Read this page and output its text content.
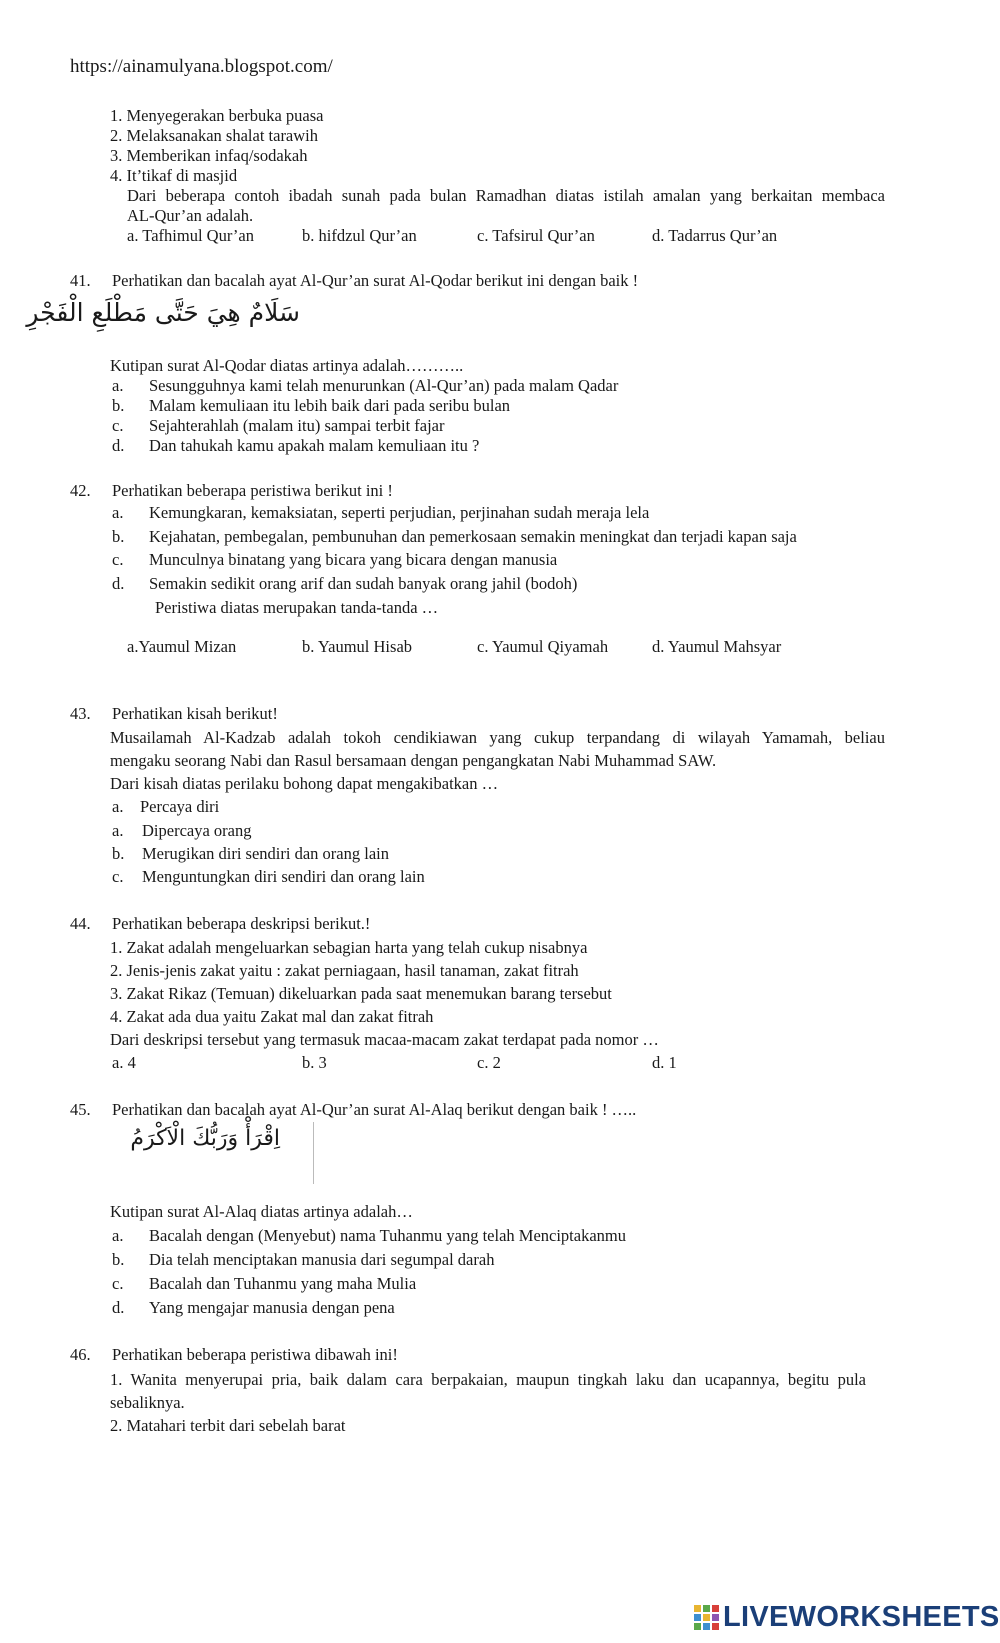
https://ainamulyana.blogspot.com/
1. Menyegerakan berbuka puasa
2. Melaksanakan shalat tarawih
3. Memberikan infaq/sodakah
4. It’tikaf di masjid
Dari beberapa contoh ibadah sunah pada bulan Ramadhan diatas istilah amalan yang berkaitan membaca
AL-Qur’an adalah.
a. Tafhimul Qur’an	b. hifdzul Qur’an	c. Tafsirul Qur’an	d. Tadarrus Qur’an
41. Perhatikan dan bacalah ayat Al-Qur’an surat Al-Qodar berikut ini dengan baik !
سَلَامٌ هِيَ حَتَّى مَطْلَعِ الْفَجْرِ
Kutipan surat Al-Qodar diatas artinya adalah………..
a. Sesungguhnya kami telah menurunkan (Al-Qur’an) pada malam Qadar
b. Malam kemuliaan itu lebih baik dari pada seribu bulan
c. Sejahterahlah (malam itu) sampai terbit fajar
d. Dan tahukah kamu apakah malam kemuliaan itu ?
42. Perhatikan beberapa peristiwa berikut ini !
a. Kemungkaran, kemaksiatan, seperti perjudian, perjinahan sudah meraja lela
b. Kejahatan, pembegalan, pembunuhan dan pemerkosaan semakin meningkat dan terjadi kapan saja
c. Munculnya binatang yang bicara yang bicara dengan manusia
d. Semakin sedikit orang arif dan sudah banyak orang jahil (bodoh)
Peristiwa diatas merupakan tanda-tanda …
a.Yaumul Mizan	b. Yaumul Hisab	c. Yaumul Qiyamah	d. Yaumul Mahsyar
43. Perhatikan kisah berikut!
Musailamah Al-Kadzab adalah tokoh cendikiawan yang cukup terpandang di wilayah Yamamah, beliau
mengaku seorang Nabi dan Rasul bersamaan dengan pengangkatan Nabi Muhammad SAW.
Dari kisah diatas perilaku bohong dapat mengakibatkan …
a. Percaya diri
a. Dipercaya orang
b. Merugikan diri sendiri dan orang lain
c. Menguntungkan diri sendiri dan orang lain
44. Perhatikan beberapa deskripsi berikut.!
1. Zakat adalah mengeluarkan sebagian harta yang telah cukup nisabnya
2. Jenis-jenis zakat yaitu : zakat perniagaan, hasil tanaman, zakat fitrah
3. Zakat Rikaz (Temuan) dikeluarkan pada saat menemukan barang tersebut
4. Zakat ada dua yaitu Zakat mal dan zakat fitrah
Dari deskripsi tersebut yang termasuk macaa-macam zakat terdapat pada nomor …
a. 4	b. 3	c. 2	d. 1
45. Perhatikan dan bacalah ayat Al-Qur’an surat Al-Alaq berikut dengan baik ! …..
اِقْرَأْ وَرَبُّكَ الْاَكْرَمُ
Kutipan surat Al-Alaq diatas artinya adalah…
a. Bacalah dengan (Menyebut) nama Tuhanmu yang telah Menciptakanmu
b. Dia telah menciptakan manusia dari segumpal darah
c. Bacalah dan Tuhanmu yang maha Mulia
d. Yang mengajar manusia dengan pena
46. Perhatikan beberapa peristiwa dibawah ini!
1. Wanita menyerupai pria, baik dalam cara berpakaian, maupun tingkah laku dan ucapannya, begitu pula
sebaliknya.
2. Matahari terbit dari sebelah barat
LIVEWORKSHEETS
